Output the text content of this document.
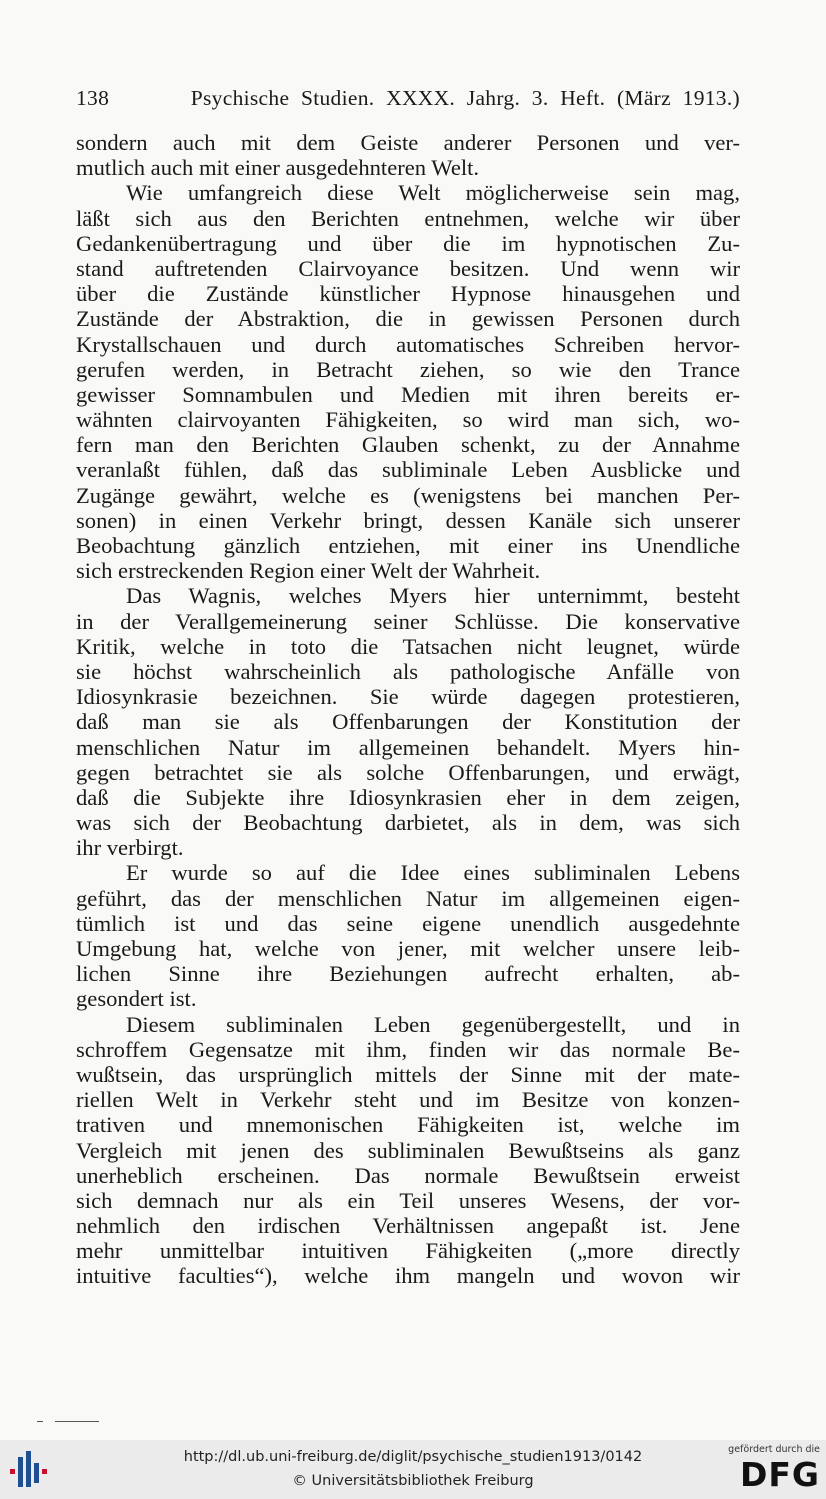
138	Psychische Studien. XXXX. Jahrg. 3. Heft. (März 1913.)
sondern auch mit dem Geiste anderer Personen und ver-
mutlich auch mit einer ausgedehnteren Welt.
Wie umfangreich diese Welt möglicherweise sein mag,
läßt sich aus den Berichten entnehmen, welche wir über
Gedankenübertragung und über die im hypnotischen Zu-
stand auftretenden Clairvoyance besitzen. Und wenn wir
über die Zustände künstlicher Hypnose hinausgehen und
Zustände der Abstraktion, die in gewissen Personen durch
Krystallschauen und durch automatisches Schreiben hervor-
gerufen werden, in Betracht ziehen, so wie den Trance
gewisser Somnambulen und Medien mit ihren bereits er-
wähnten clairvoyanten Fähigkeiten, so wird man sich, wo-
fern man den Berichten Glauben schenkt, zu der Annahme
veranlaßt fühlen, daß das subliminale Leben Ausblicke und
Zugänge gewährt, welche es (wenigstens bei manchen Per-
sonen) in einen Verkehr bringt, dessen Kanäle sich unserer
Beobachtung gänzlich entziehen, mit einer ins Unendliche
sich erstreckenden Region einer Welt der Wahrheit.
Das Wagnis, welches Myers hier unternimmt, besteht
in der Verallgemeinerung seiner Schlüsse. Die konservative
Kritik, welche in toto die Tatsachen nicht leugnet, würde
sie höchst wahrscheinlich als pathologische Anfälle von
Idiosynkrasie bezeichnen. Sie würde dagegen protestieren,
daß man sie als Offenbarungen der Konstitution der
menschlichen Natur im allgemeinen behandelt. Myers hin-
gegen betrachtet sie als solche Offenbarungen, und erwägt,
daß die Subjekte ihre Idiosynkrasien eher in dem zeigen,
was sich der Beobachtung darbietet, als in dem, was sich
ihr verbirgt.
Er wurde so auf die Idee eines subliminalen Lebens
geführt, das der menschlichen Natur im allgemeinen eigen-
tümlich ist und das seine eigene unendlich ausgedehnte
Umgebung hat, welche von jener, mit welcher unsere leib-
lichen Sinne ihre Beziehungen aufrecht erhalten, ab-
gesondert ist.
Diesem subliminalen Leben gegenübergestellt, und in
schroffem Gegensatze mit ihm, finden wir das normale Be-
wußtsein, das ursprünglich mittels der Sinne mit der mate-
riellen Welt in Verkehr steht und im Besitze von konzen-
trativen und mnemonischen Fähigkeiten ist, welche im
Vergleich mit jenen des subliminalen Bewußtseins als ganz
unerheblich erscheinen. Das normale Bewußtsein erweist
sich demnach nur als ein Teil unseres Wesens, der vor-
nehmlich den irdischen Verhältnissen angepaßt ist. Jene
mehr unmittelbar intuitiven Fähigkeiten („more directly
intuitive faculties“), welche ihm mangeln und wovon wir
http://dl.ub.uni-freiburg.de/diglit/psychische_studien1913/0142
© Universitätsbibliothek Freiburg
gefördert durch die
DFG
